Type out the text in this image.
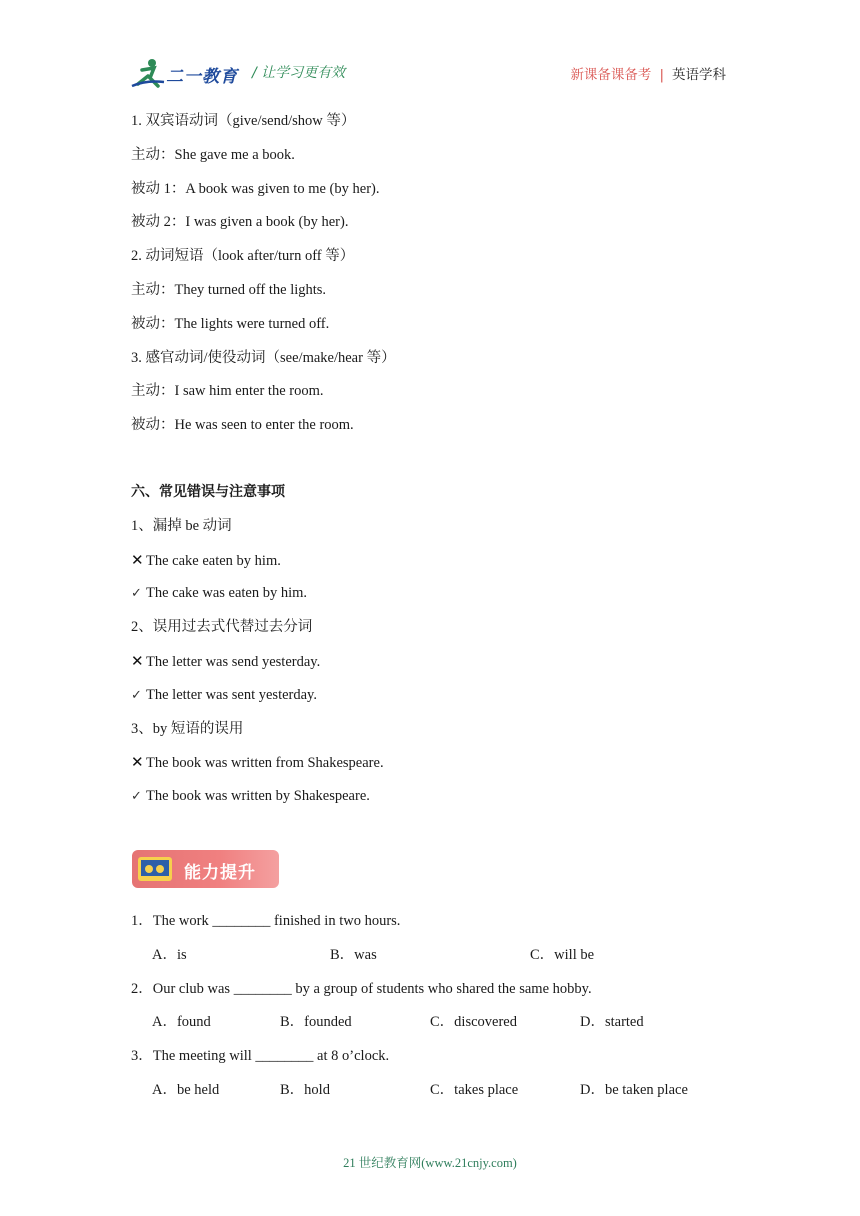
二一教育 / 让学习更有效	新课备课备考 | 英语学科
1. 双宾语动词（give/send/show 等）
主动：She gave me a book.
被动 1：A book was given to me (by her).
被动 2：I was given a book (by her).
2. 动词短语（look after/turn off 等）
主动：They turned off the lights.
被动：The lights were turned off.
3. 感官动词/使役动词（see/make/hear 等）
主动：I saw him enter the room.
被动：He was seen to enter the room.
六、常见错误与注意事项
1、漏掉 be 动词
✕ The cake eaten by him.
✓ The cake was eaten by him.
2、误用过去式代替过去分词
✕ The letter was send yesterday.
✓ The letter was sent yesterday.
3、by 短语的误用
✕ The book was written from Shakespeare.
✓ The book was written by Shakespeare.
能力提升
1．The work ________ finished in two hours.
A．is	B．was	C．will be
2．Our club was ________ by a group of students who shared the same hobby.
A．found	B．founded	C．discovered	D．started
3．The meeting will ________ at 8 o’clock.
A．be held	B．hold	C．takes place	D．be taken place
21 世纪教育网(www.21cnjy.com)
